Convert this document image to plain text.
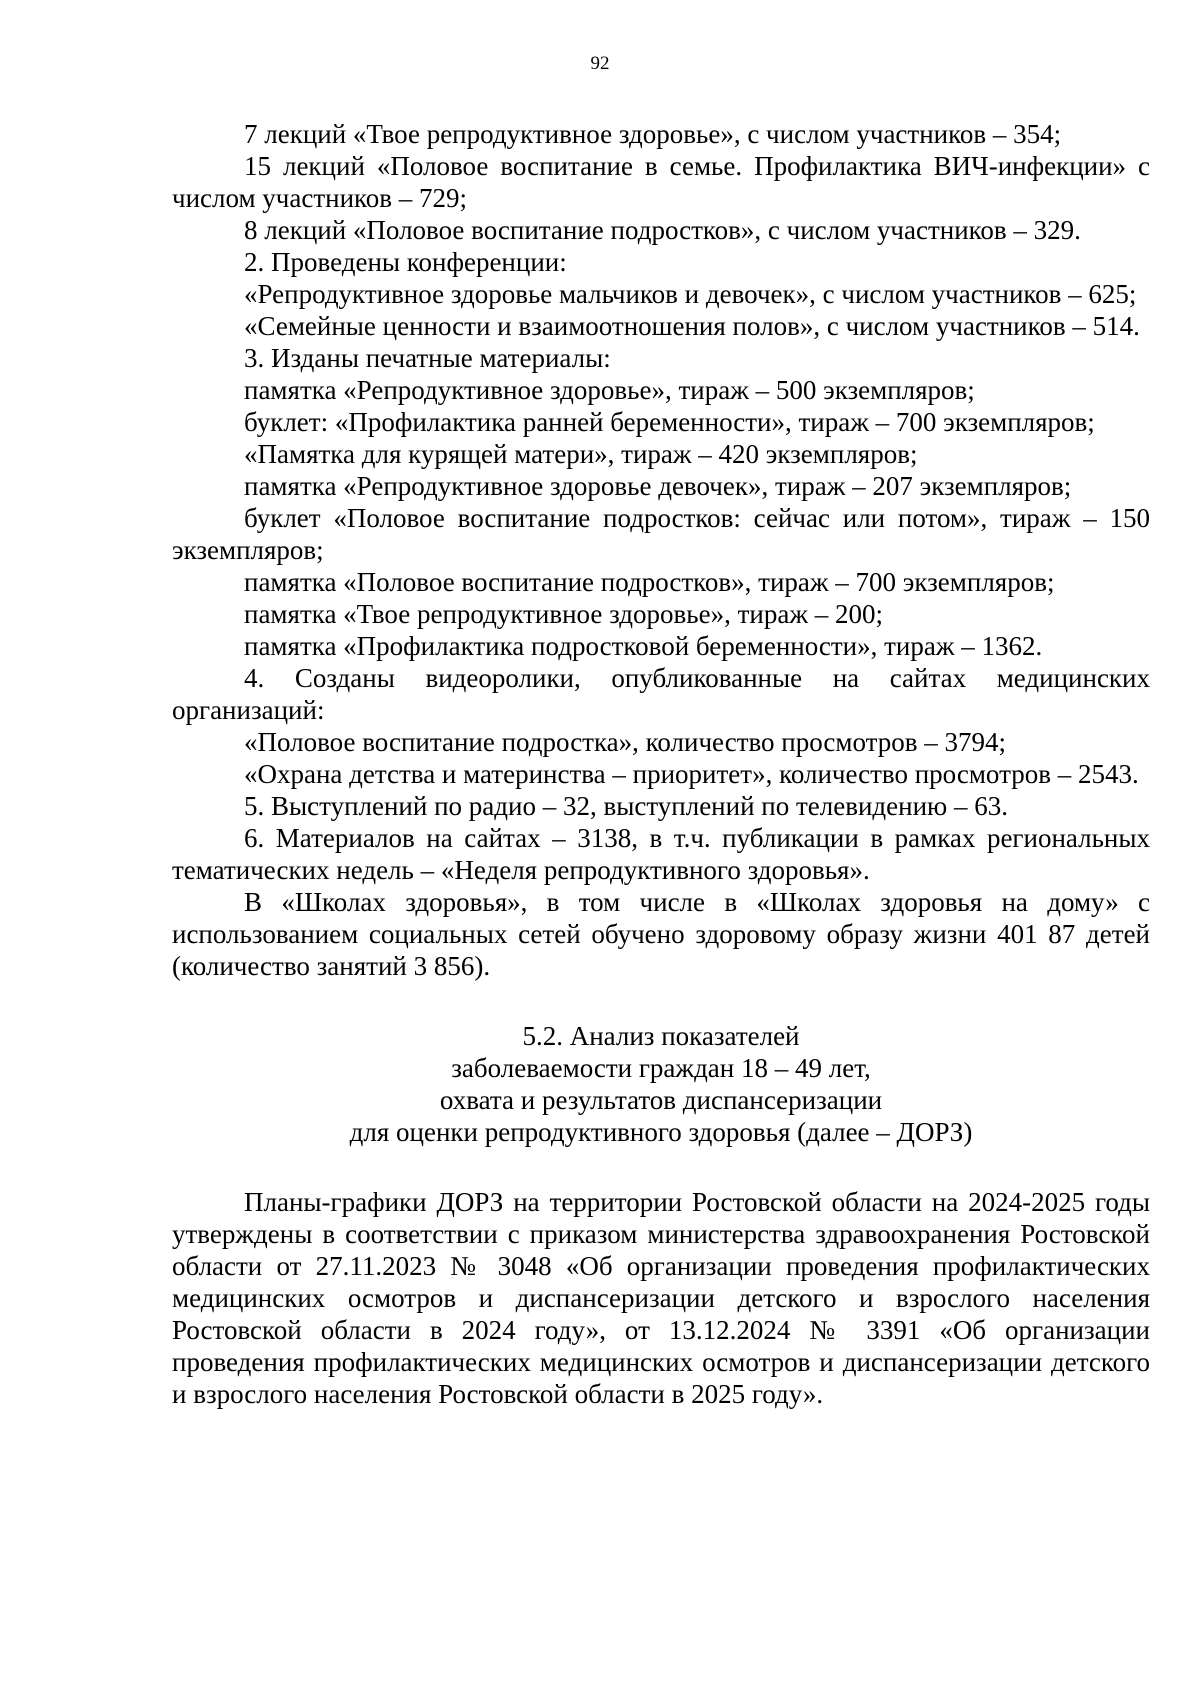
92

7 лекций «Твое репродуктивное здоровье», с числом участников – 354;

15 лекций «Половое воспитание в семье. Профилактика ВИЧ-инфекции» с числом участников – 729;

8 лекций «Половое воспитание подростков», с числом участников – 329.

2. Проведены конференции:

«Репродуктивное здоровье мальчиков и девочек», с числом участников – 625;

«Семейные ценности и взаимоотношения полов», с числом участников – 514.

3. Изданы печатные материалы:

памятка «Репродуктивное здоровье», тираж – 500 экземпляров;

буклет: «Профилактика ранней беременности», тираж – 700 экземпляров;

«Памятка для курящей матери», тираж – 420 экземпляров;

памятка «Репродуктивное здоровье девочек», тираж – 207 экземпляров;

буклет «Половое воспитание подростков: сейчас или потом», тираж – 150 экземпляров;

памятка «Половое воспитание подростков», тираж – 700 экземпляров;

памятка «Твое репродуктивное здоровье», тираж – 200;

памятка «Профилактика подростковой беременности», тираж – 1362.

4. Созданы видеоролики, опубликованные на сайтах медицинских организаций:

«Половое воспитание подростка», количество просмотров – 3794;

«Охрана детства и материнства – приоритет», количество просмотров – 2543.

5. Выступлений по радио – 32, выступлений по телевидению – 63.

6. Материалов на сайтах – 3138, в т.ч. публикации в рамках региональных тематических недель – «Неделя репродуктивного здоровья».

В «Школах здоровья», в том числе в «Школах здоровья на дому» с использованием социальных сетей обучено здоровому образу жизни 401 87 детей (количество занятий 3 856).

5.2. Анализ показателей
заболеваемости граждан 18 – 49 лет,
охвата и результатов диспансеризации
для оценки репродуктивного здоровья (далее – ДОРЗ)

Планы-графики ДОРЗ на территории Ростовской области на 2024-2025 годы утверждены в соответствии с приказом министерства здравоохранения Ростовской области от 27.11.2023 № 3048 «Об организации проведения профилактических медицинских осмотров и диспансеризации детского и взрослого населения Ростовской области в 2024 году», от 13.12.2024 № 3391 «Об организации проведения профилактических медицинских осмотров и диспансеризации детского и взрослого населения Ростовской области в 2025 году».
